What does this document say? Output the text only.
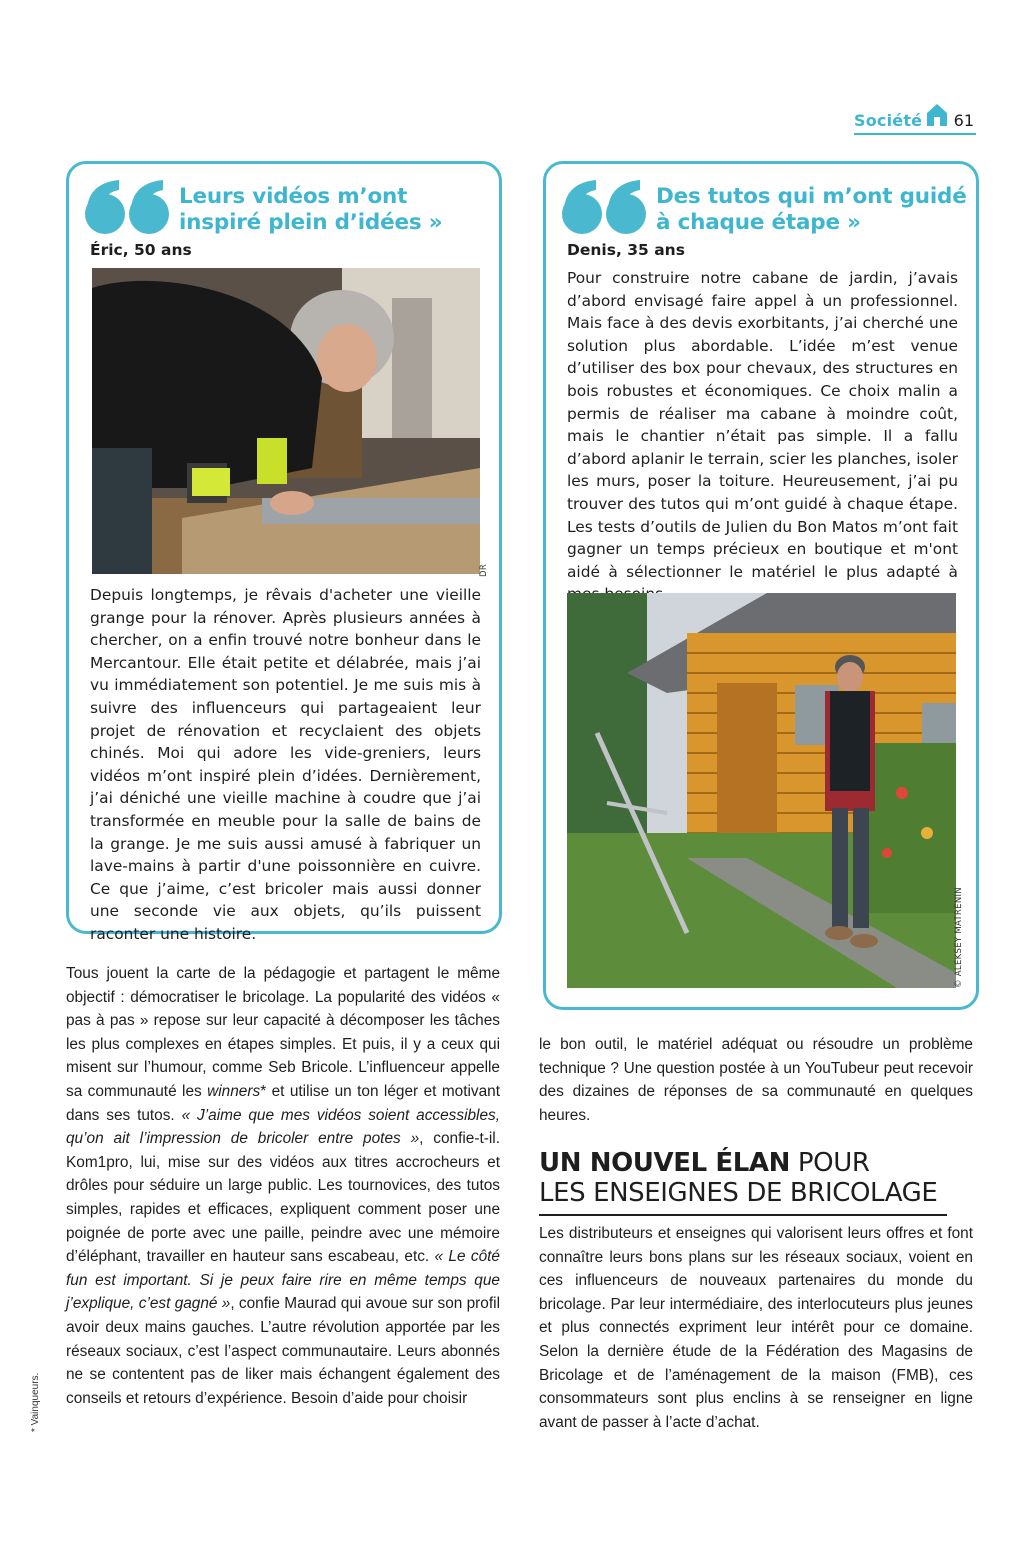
Société 61
Leurs vidéos m’ont inspiré plein d’idées »
Éric, 50 ans

Depuis longtemps, je rêvais d'acheter une vieille grange pour la rénover. Après plusieurs années à chercher, on a enfin trouvé notre bonheur dans le Mercantour. Elle était petite et délabrée, mais j’ai vu immédiatement son potentiel. Je me suis mis à suivre des influenceurs qui partageaient leur projet de rénovation et recyclaient des objets chinés. Moi qui adore les vide-greniers, leurs vidéos m’ont inspiré plein d’idées. Dernièrement, j’ai déniché une vieille machine à coudre que j’ai transformée en meuble pour la salle de bains de la grange. Je me suis aussi amusé à fabriquer un lave-mains à partir d'une poissonnière en cuivre. Ce que j’aime, c’est bricoler mais aussi donner une seconde vie aux objets, qu’ils puissent raconter une histoire.

DR
Des tutos qui m’ont guidé à chaque étape »
Denis, 35 ans

Pour construire notre cabane de jardin, j’avais d’abord envisagé faire appel à un professionnel. Mais face à des devis exorbitants, j’ai cherché une solution plus abordable. L’idée m’est venue d’utiliser des box pour chevaux, des structures en bois robustes et économiques. Ce choix malin a permis de réaliser ma cabane à moindre coût, mais le chantier n’était pas simple. Il a fallu d’abord aplanir le terrain, scier les planches, isoler les murs, poser la toiture. Heureusement, j’ai pu trouver des tutos qui m’ont guidé à chaque étape. Les tests d’outils de Julien du Bon Matos m’ont fait gagner un temps précieux en boutique et m'ont aidé à sélectionner le matériel le plus adapté à

© ALEKSEY MATRENIN

Tous jouent la carte de la pédagogie et partagent le même objectif : démocratiser le bricolage. La popularité des vidéos « pas à pas » repose sur leur capacité à décomposer les tâches les plus complexes en étapes simples. Et puis, il y a ceux qui misent sur l’humour, comme Seb Bricole. L’influenceur appelle sa communauté les winners* et utilise un ton léger et motivant dans ses tutos. « J’aime que mes vidéos soient accessibles, qu’on ait l’impression de bricoler entre potes », confie-t-il. Kom1pro, lui, mise sur des vidéos aux titres accrocheurs et drôles pour séduire un large public. Les tournovices, des tutos simples, rapides et efficaces, expliquent comment poser une poignée de porte avec une paille, peindre avec une mémoire d’éléphant, travailler en hauteur sans escabeau, etc. « Le côté fun est important. Si je peux faire rire en même temps que j’explique, c’est gagné », confie Maurad qui avoue sur son profil avoir deux mains gauches. L’autre révolution apportée par les réseaux sociaux, c’est l’aspect communautaire. Leurs abonnés ne se contentent pas de liker mais échangent également des conseils et retours d’expérience. Besoin d’aide pour choisir

le bon outil, le matériel adéquat ou résoudre un problème technique ? Une question postée à un YouTubeur peut recevoir des dizaines de réponses de sa communauté en quelques heures.

UN NOUVEL ÉLAN POUR
LES ENSEIGNES DE BRICOLAGE

Les distributeurs et enseignes qui valorisent leurs offres et font connaître leurs bons plans sur les réseaux sociaux, voient en ces influenceurs de nouveaux partenaires du monde du bricolage. Par leur intermédiaire, des interlocuteurs plus jeunes et plus connectés expriment leur intérêt pour ce domaine. Selon la dernière étude de la Fédération des Magasins de Bricolage et de l’aménagement de la maison (FMB), ces consommateurs sont plus enclins à se renseigner en ligne avant de passer à l’acte d’achat.

* Vainqueurs.
